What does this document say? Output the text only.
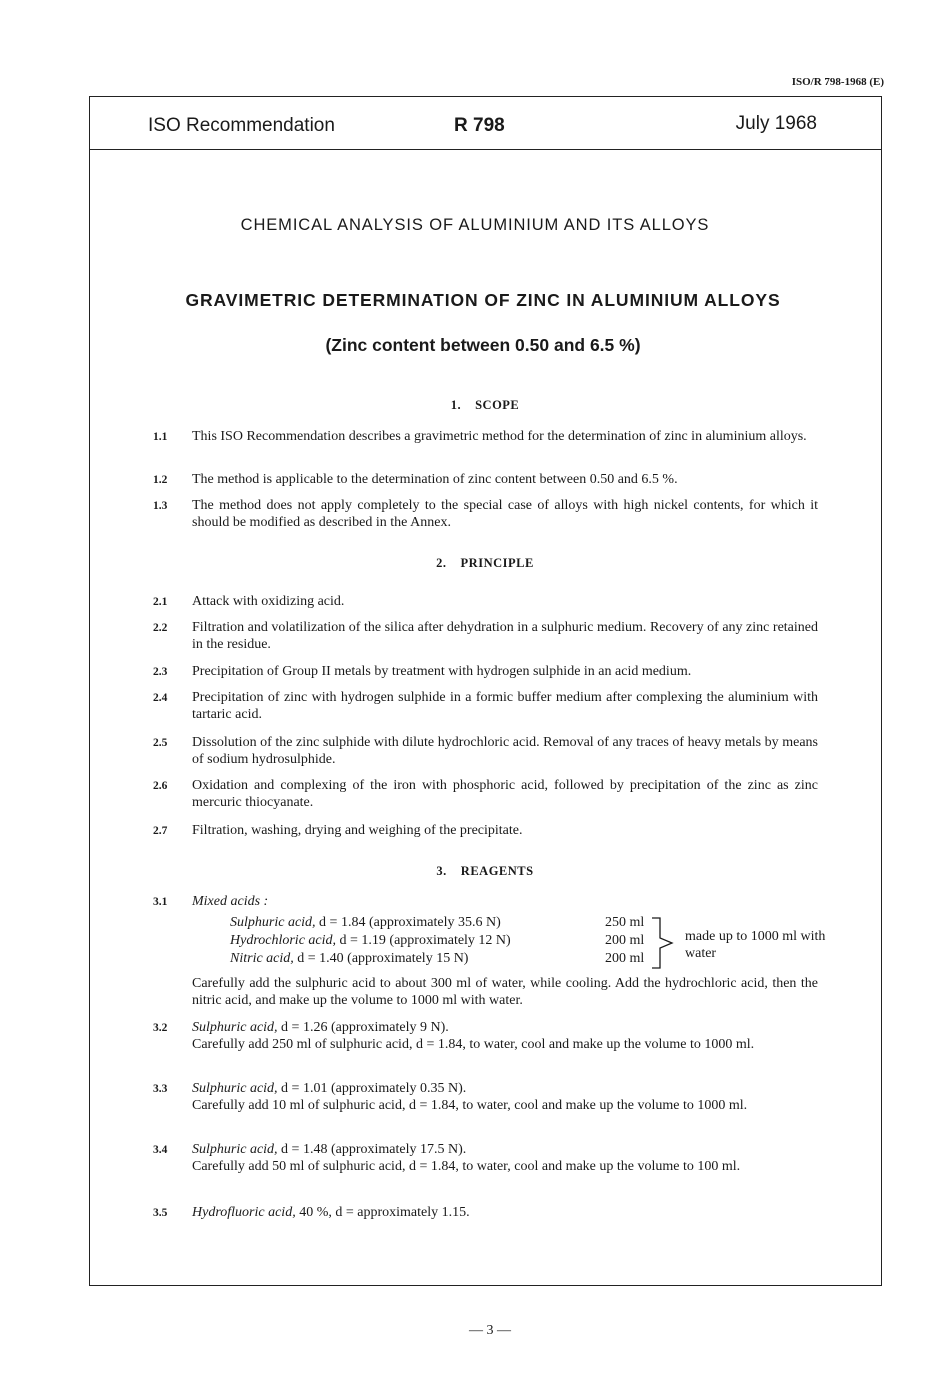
ISO/R 798-1968 (E)
ISO Recommendation	R 798	July 1968
CHEMICAL ANALYSIS OF ALUMINIUM AND ITS ALLOYS
GRAVIMETRIC DETERMINATION OF ZINC IN ALUMINIUM ALLOYS
(Zinc content between 0.50 and 6.5 %)
1. SCOPE
1.1 This ISO Recommendation describes a gravimetric method for the determination of zinc in aluminium alloys.
1.2 The method is applicable to the determination of zinc content between 0.50 and 6.5 %.
1.3 The method does not apply completely to the special case of alloys with high nickel contents, for which it should be modified as described in the Annex.
2. PRINCIPLE
2.1 Attack with oxidizing acid.
2.2 Filtration and volatilization of the silica after dehydration in a sulphuric medium. Recovery of any zinc retained in the residue.
2.3 Precipitation of Group II metals by treatment with hydrogen sulphide in an acid medium.
2.4 Precipitation of zinc with hydrogen sulphide in a formic buffer medium after complexing the aluminium with tartaric acid.
2.5 Dissolution of the zinc sulphide with dilute hydrochloric acid. Removal of any traces of heavy metals by means of sodium hydrosulphide.
2.6 Oxidation and complexing of the iron with phosphoric acid, followed by precipitation of the zinc as zinc mercuric thiocyanate.
2.7 Filtration, washing, drying and weighing of the precipitate.
3. REAGENTS
3.1 Mixed acids :
Sulphuric acid, d = 1.84 (approximately 35.6 N)	250 ml
Hydrochloric acid, d = 1.19 (approximately 12 N)	200 ml
Nitric acid, d = 1.40 (approximately 15 N)	200 ml
made up to 1000 ml with water
Carefully add the sulphuric acid to about 300 ml of water, while cooling. Add the hydrochloric acid, then the nitric acid, and make up the volume to 1000 ml with water.
3.2 Sulphuric acid, d = 1.26 (approximately 9 N).
Carefully add 250 ml of sulphuric acid, d = 1.84, to water, cool and make up the volume to 1000 ml.
3.3 Sulphuric acid, d = 1.01 (approximately 0.35 N).
Carefully add 10 ml of sulphuric acid, d = 1.84, to water, cool and make up the volume to 1000 ml.
3.4 Sulphuric acid, d = 1.48 (approximately 17.5 N).
Carefully add 50 ml of sulphuric acid, d = 1.84, to water, cool and make up the volume to 100 ml.
3.5 Hydrofluoric acid, 40 %, d = approximately 1.15.
— 3 —
